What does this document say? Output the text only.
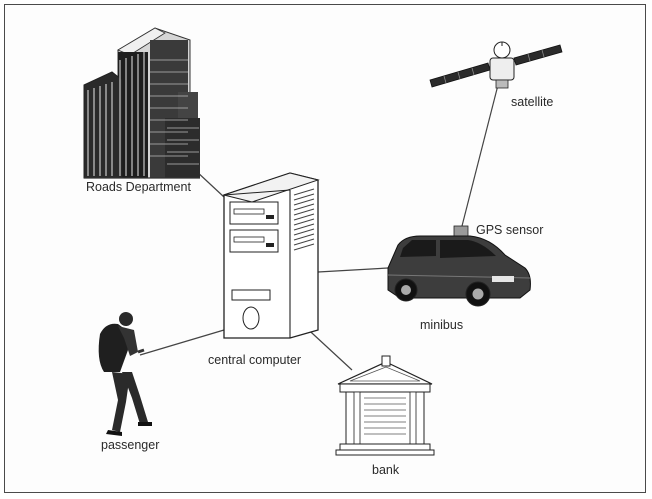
Roads Department
satellite
GPS sensor
minibus
central computer
passenger
bank
